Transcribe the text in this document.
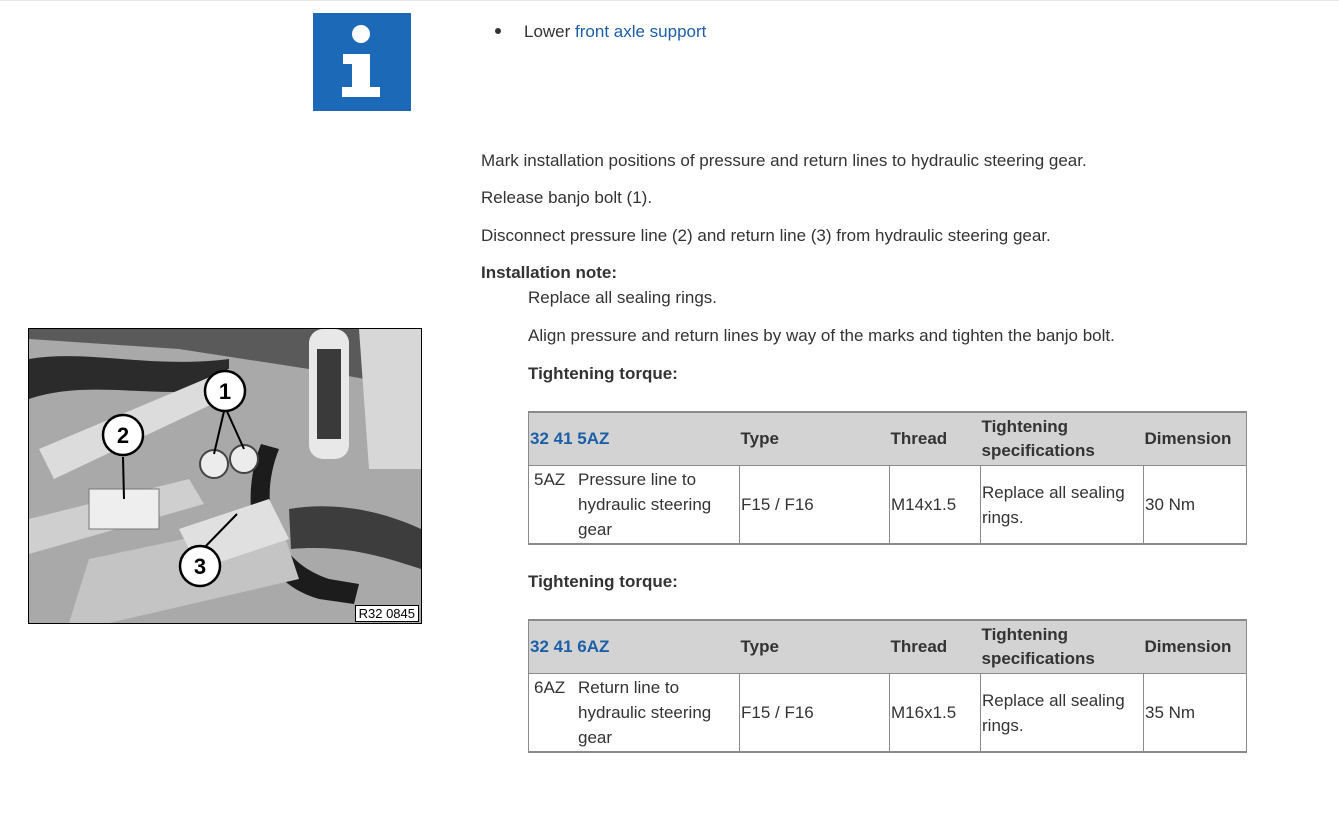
Lower front axle support
Mark installation positions of pressure and return lines to hydraulic steering gear.
Release banjo bolt (1).
Disconnect pressure line (2) and return line (3) from hydraulic steering gear.
Installation note:
Replace all sealing rings.
Align pressure and return lines by way of the marks and tighten the banjo bolt.
1
2
3
R32 0845
Tightening torque:
32 41 5AZ	Type	Thread	Tightening specifications	Dimension

5AZ Pressure line to hydraulic steering gear	F15 / F16	M14x1.5	Replace all sealing rings.	30 Nm
Tightening torque:
32 41 6AZ	Type	Thread	Tightening specifications	Dimension

6AZ Return line to hydraulic steering gear	F15 / F16	M16x1.5	Replace all sealing rings.	35 Nm
